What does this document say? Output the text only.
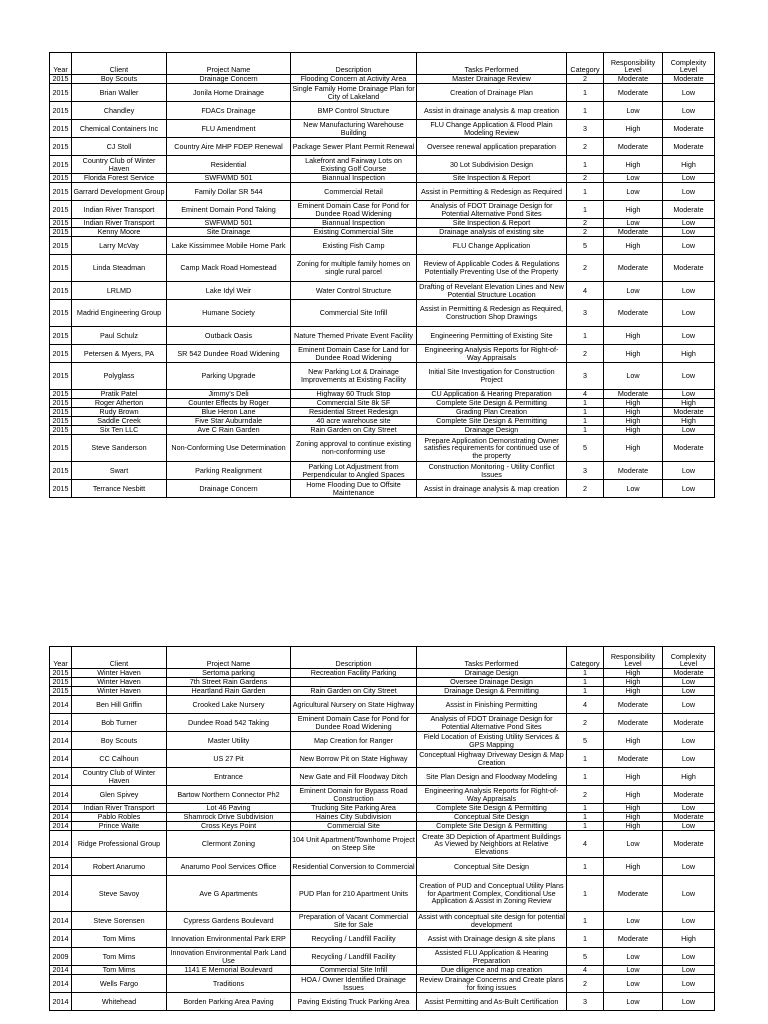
Year	Client	Project Name	Description	Tasks Performed	Category	Responsibility Level	Complexity Level
2015	Boy Scouts	Drainage Concern	Flooding Concern at Activity Area	Master Drainage Review	2	Moderate	Moderate
2015	Brian Waller	Jonila Home Drainage	Single Family Home Drainage Plan for City of Lakeland	Creation of Drainage Plan	1	Moderate	Low
2015	Chandley	FDACs Drainage	BMP Control Structure	Assist in drainage analysis & map creation	1	Low	Low
2015	Chemical Containers Inc	FLU Amendment	New Manufacturing Warehouse Building	FLU Change Application & Flood Plain Modeling Review	3	High	Moderate
2015	CJ Stoll	Country Aire MHP FDEP Renewal	Package Sewer Plant Permit Renewal	Oversee renewal application preparation	2	Moderate	Moderate
2015	Country Club of Winter Haven	Residential	Lakefront and Fairway Lots on Existing Golf Course	30 Lot Subdivision Design	1	High	High
2015	Florida Forest Service	SWFWMD 501	Biannual Inspection	Site Inspection & Report	2	Low	Low
2015	Garrard Development Group	Family Dollar SR 544	Commercial Retail	Assist in Permitting & Redesign as Required	1	Low	Low
2015	Indian River Transport	Eminent Domain Pond Taking	Eminent Domain Case for Pond for Dundee Road Widening	Analysis of FDOT Drainage Design for Potential Alternative Pond Sites	1	High	Moderate
2015	Indian River Transport	SWFWMD 501	Biannual Inspection	Site Inspection & Report	2	Low	Low
2015	Kenny Moore	Site Drainage	Existing Commercial Site	Drainage analysis of existing site	2	Moderate	Low
2015	Larry McVay	Lake Kissimmee Mobile Home Park	Existing Fish Camp	FLU Change Application	5	High	Low
2015	Linda Steadman	Camp Mack Road Homestead	Zoning for multiple family homes on single rural parcel	Review of Applicable Codes & Regulations Potentially Preventing Use of the Property	2	Moderate	Moderate
2015	LRLMD	Lake Idyl Weir	Water Control Structure	Drafting of Revelant Elevation Lines and New Potential Structure Location	4	Low	Low
2015	Madrid Engineering Group	Humane Society	Commercial Site Infill	Assist in Permitting & Redesign as Required, Construction Shop Drawings	3	Moderate	Low
2015	Paul Schulz	Outback Oasis	Nature Themed Private Event Facility	Engineering Permitting of Existing Site	1	High	Low
2015	Petersen & Myers, PA	SR 542 Dundee Road Widening	Eminent Domain Case for Land for Dundee Road Widening	Engineering Analysis Reports for Right-of-Way Appraisals	2	High	High
2015	Polyglass	Parking Upgrade	New Parking Lot & Drainage Improvements at Existing Facility	Initial Site Investigation for Construction Project	3	Low	Low
2015	Pratik Patel	Jimmy's Deli	Highway 60 Truck Stop	CU Application & Hearing Preparation	4	Moderate	Low
2015	Roger Atherton	Counter Effects by Roger	Commercial Site 8k SF	Complete Site Design & Permitting	1	High	High
2015	Rudy Brown	Blue Heron Lane	Residential Street Redesign	Grading Plan Creation	1	High	Moderate
2015	Saddle Creek	Five Star Auburndale	40 acre warehouse site	Complete Site Design & Permitting	1	High	High
2015	Six Ten LLC	Ave C Rain Garden	Rain Garden on City Street	Drainage Design	1	High	Low
2015	Steve Sanderson	Non-Conforming Use Determination	Zoning approval to continue existing non-conforming use	Prepare Application Demonstrating Owner satisfies requirements for continued use of the property	5	High	Moderate
2015	Swart	Parking Realignment	Parking Lot Adjustment from Perpendicular to Angled Spaces	Construction Monitoring - Utility Conflict Issues	3	Moderate	Low
2015	Terrance Nesbitt	Drainage Concern	Home Flooding Due to Offsite Maintenance	Assist in drainage analysis & map creation	2	Low	Low
Year	Client	Project Name	Description	Tasks Performed	Category	Responsibility Level	Complexity Level
2015	Winter Haven	Sertoma parking	Recreation Facility Parking	Drainage Design	1	High	Moderate
2015	Winter Haven	7th Street Rain Gardens		Oversee Drainage Design	1	High	Low
2015	Winter Haven	Heartland Rain Garden	Rain Garden on City Street	Drainage Design & Permitting	1	High	Low
2014	Ben Hill Griffin	Crooked Lake Nursery	Agricultural Nursery on State Highway	Assist in Finishing Permitting	4	Moderate	Low
2014	Bob Turner	Dundee Road 542 Taking	Eminent Domain Case for Pond for Dundee Road Widening	Analysis of FDOT Drainage Design for Potential Alternative Pond Sites	2	Moderate	Moderate
2014	Boy Scouts	Master Utility	Map Creation for Ranger	Field Location of Existing Utility Services & GPS Mapping	5	High	Low
2014	CC Calhoun	US 27 Pit	New Borrow Pit on State Highway	Conceptual Highway Driveway Design & Map Creation	1	Moderate	Low
2014	Country Club of Winter Haven	Entrance	New Gate and Fill Floodway Ditch	Site Plan Design and Floodway Modeling	1	High	High
2014	Glen Spivey	Bartow Northern Connector Ph2	Eminent Domain for Bypass Road Construction	Engineering Analysis Reports for Right-of-Way Appraisals	2	High	Moderate
2014	Indian River Transport	Lot 46 Paving	Trucking Site Parking Area	Complete Site Design & Permitting	1	High	Low
2014	Pablo Robles	Shamrock Drive Subdivision	Haines City Subdivision	Conceptual Site Design	1	High	Moderate
2014	Prince Waite	Cross Keys Point	Commercial Site	Complete Site Design & Permitting	1	High	Low
2014	Ridge Professional Group	Clermont Zoning	104 Unit Apartment/Townhome Project on Steep Site	Create 3D Depiction of Apartment Buildings As Viewed by Neighbors at Relative Elevations	4	Low	Moderate
2014	Robert Anarumo	Anarumo Pool Services Office	Residential Conversion to Commercial	Conceptual Site Design	1	High	Low
2014	Steve Savoy	Ave G Apartments	PUD Plan for 210 Apartment Units	Creation of PUD and Conceptual Utility Plans for Apartment Complex, Conditional Use Application & Assist in Zoning Review	1	Moderate	Low
2014	Steve Sorensen	Cypress Gardens Boulevard	Preparation of Vacant Commercial Site for Sale	Assist with conceptual site design for potential development	1	Low	Low
2014	Tom Mims	Innovation Environmental Park ERP	Recycling / Landfill Facility	Assist with Drainage design & site plans	1	Moderate	High
2009	Tom Mims	Innovation Environmental Park Land Use	Recycling / Landfill Facility	Assisted FLU Application & Hearing Preparation	5	Low	Low
2014	Tom Mims	1141 E Memorial Boulevard	Commercial Site Infill	Due diligence and map creation	4	Low	Low
2014	Wells Fargo	Traditions	HOA / Owner Identified Drainage Issues	Review Drainage Concerns and Create plans for fixing issues	2	Low	Low
2014	Whitehead	Borden Parking Area Paving	Paving Existing Truck Parking Area	Assist Permitting and As-Built Certification	3	Low	Low
